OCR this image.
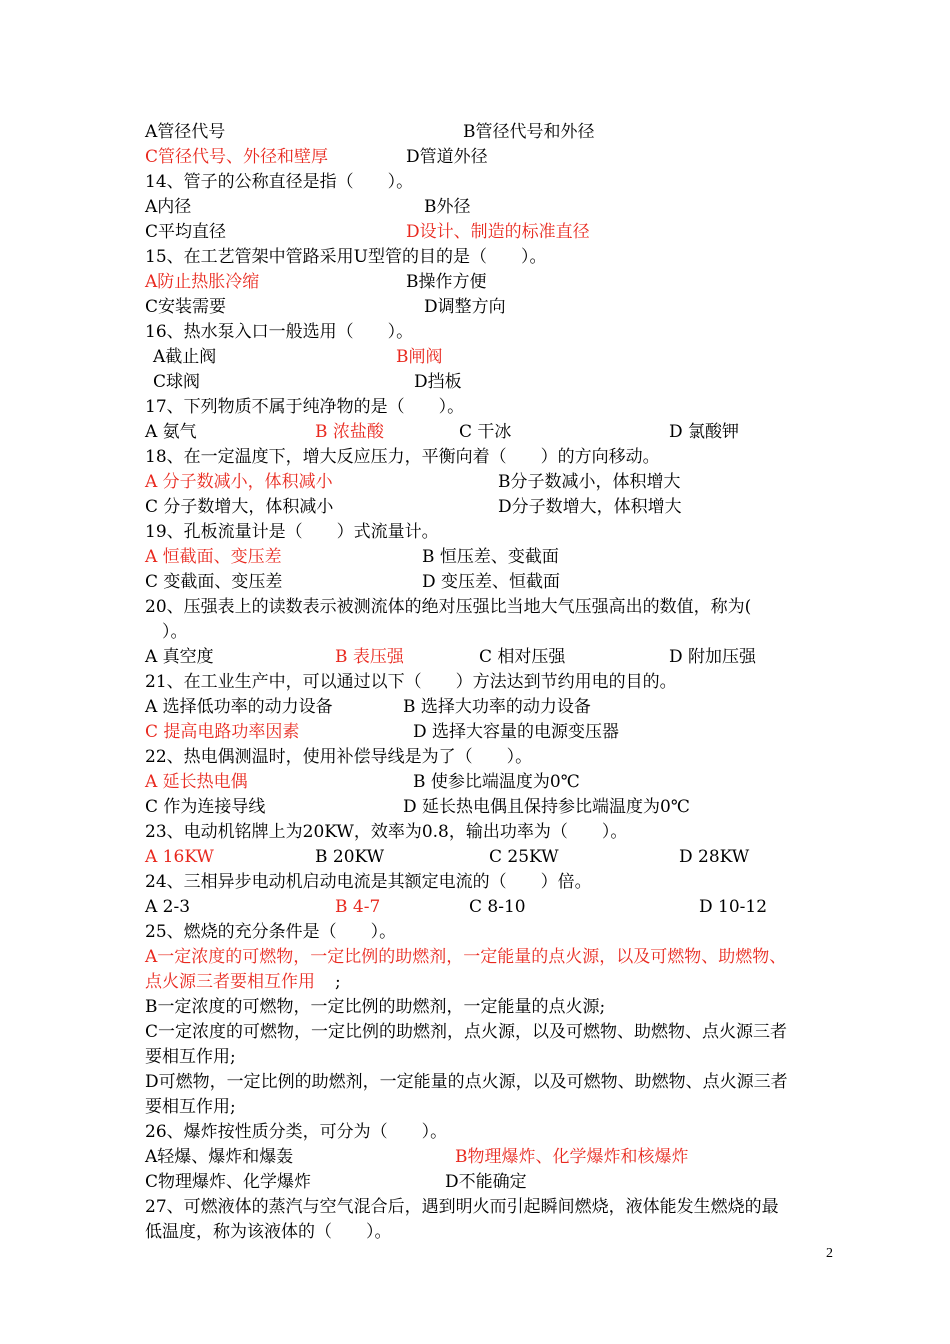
A管径代号	B管径代号和外径
C管径代号、外径和壁厚	D管道外径
14、管子的公称直径是指（　　）。
A内径	B外径
C平均直径	D设计、制造的标准直径
15、在工艺管架中管路采用U型管的目的是（　　）。
A防止热胀冷缩	B操作方便
C安装需要	D调整方向
16、热水泵入口一般选用（　　）。
A截止阀	B闸阀
C球阀	D挡板
17、下列物质不属于纯净物的是（　　）。
A 氨气	B 浓盐酸	C 干冰	D 氯酸钾
18、在一定温度下，增大反应压力，平衡向着（　　）的方向移动。
A 分子数减小，体积减小	B分子数减小，体积增大
C 分子数增大，体积减小	D分子数增大，体积增大
19、孔板流量计是（　　）式流量计。
A 恒截面、变压差	B 恒压差、变截面
C 变截面、变压差	D 变压差、恒截面
20、压强表上的读数表示被测流体的绝对压强比当地大气压强高出的数值，称为(
　）。
A 真空度	B 表压强	C 相对压强	D 附加压强
21、在工业生产中，可以通过以下（　　）方法达到节约用电的目的。
A 选择低功率的动力设备	B 选择大功率的动力设备
C 提高电路功率因素	D 选择大容量的电源变压器
22、热电偶测温时，使用补偿导线是为了（　　）。
A 延长热电偶	B 使参比端温度为0℃
C 作为连接导线	D 延长热电偶且保持参比端温度为0℃
23、电动机铭牌上为20KW，效率为0.8，输出功率为（　　）。
A 16KW	B 20KW	C 25KW	D 28KW
24、三相异步电动机启动电流是其额定电流的（　　）倍。
A 2-3	B 4-7	C 8-10	D 10-12
25、燃烧的充分条件是（　　）。
A一定浓度的可燃物，一定比例的助燃剂，一定能量的点火源，以及可燃物、助燃物、
点火源三者要相互作用 ;
B一定浓度的可燃物，一定比例的助燃剂，一定能量的点火源;
C一定浓度的可燃物，一定比例的助燃剂，点火源，以及可燃物、助燃物、点火源三者
要相互作用;
D可燃物，一定比例的助燃剂，一定能量的点火源，以及可燃物、助燃物、点火源三者
要相互作用;
26、爆炸按性质分类，可分为（　　）。
A轻爆、爆炸和爆轰	B物理爆炸、化学爆炸和核爆炸
C物理爆炸、化学爆炸	D不能确定
27、可燃液体的蒸汽与空气混合后，遇到明火而引起瞬间燃烧，液体能发生燃烧的最
低温度，称为该液体的（　　）。
2
